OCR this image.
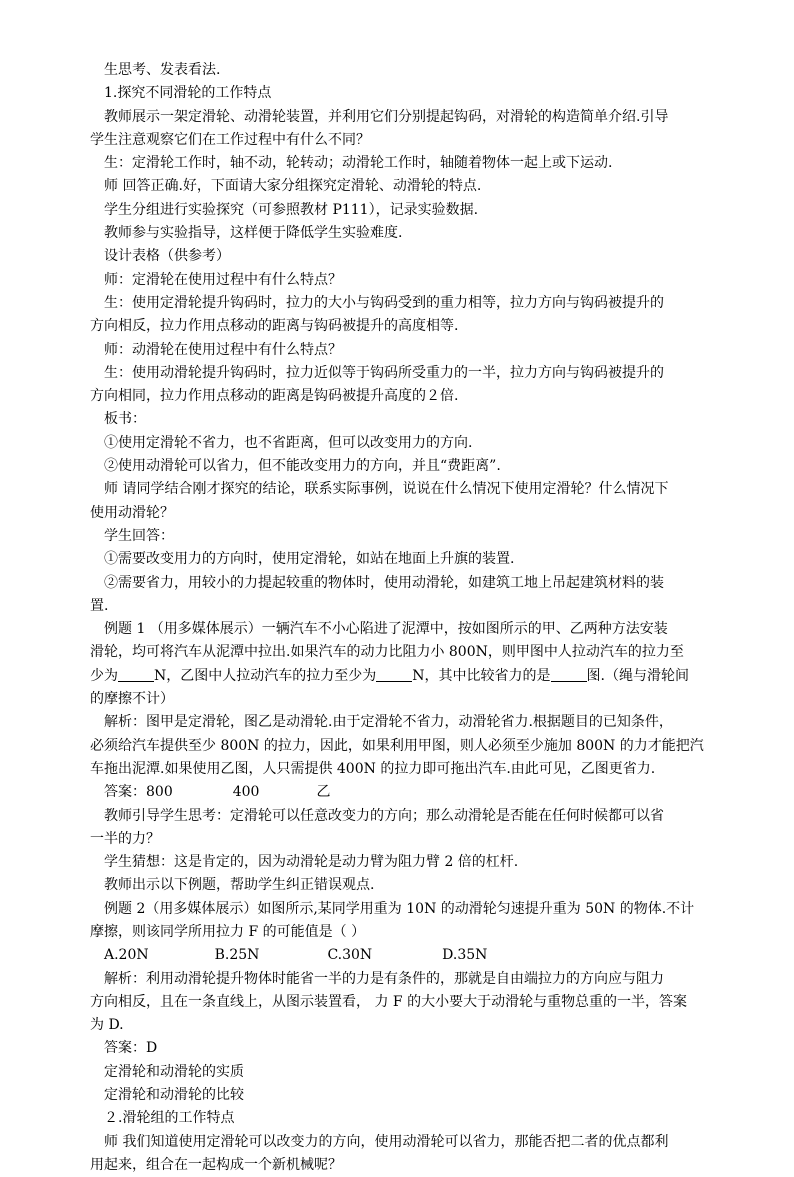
生思考、发表看法.
1.探究不同滑轮的工作特点
教师展示一架定滑轮、动滑轮装置，并利用它们分别提起钩码，对滑轮的构造简单介绍.引导
学生注意观察它们在工作过程中有什么不同？
生：定滑轮工作时，轴不动，轮转动；动滑轮工作时，轴随着物体一起上或下运动.
师 回答正确.好，下面请大家分组探究定滑轮、动滑轮的特点.
学生分组进行实验探究（可参照教材 P111），记录实验数据.
教师参与实验指导，这样便于降低学生实验难度.
设计表格（供参考）
师：定滑轮在使用过程中有什么特点？
生：使用定滑轮提升钩码时，拉力的大小与钩码受到的重力相等，拉力方向与钩码被提升的
方向相反，拉力作用点移动的距离与钩码被提升的高度相等.
师：动滑轮在使用过程中有什么特点？
生：使用动滑轮提升钩码时，拉力近似等于钩码所受重力的一半，拉力方向与钩码被提升的
方向相同，拉力作用点移动的距离是钩码被提升高度的２倍.
板书：
①使用定滑轮不省力，也不省距离，但可以改变用力的方向.
②使用动滑轮可以省力，但不能改变用力的方向，并且“费距离”.
师 请同学结合刚才探究的结论，联系实际事例，说说在什么情况下使用定滑轮？什么情况下
使用动滑轮？
学生回答：
①需要改变用力的方向时，使用定滑轮，如站在地面上升旗的装置.
②需要省力，用较小的力提起较重的物体时，使用动滑轮，如建筑工地上吊起建筑材料的装
置.
例题 1 （用多媒体展示）一辆汽车不小心陷进了泥潭中，按如图所示的甲、乙两种方法安装
滑轮，均可将汽车从泥潭中拉出.如果汽车的动力比阻力小 800N，则甲图中人拉动汽车的拉力至
少为	N，乙图中人拉动汽车的拉力至少为	N，其中比较省力的是	图.（绳与滑轮间
的摩擦不计）
解析：图甲是定滑轮，图乙是动滑轮.由于定滑轮不省力，动滑轮省力.根据题目的已知条件，
必须给汽车提供至少 800N 的拉力，因此，如果利用甲图，则人必须至少施加 800N 的力才能把汽
车拖出泥潭.如果使用乙图，人只需提供 400N 的拉力即可拖出汽车.由此可见，乙图更省力.
答案：800	400	乙
教师引导学生思考：定滑轮可以任意改变力的方向；那么动滑轮是否能在任何时候都可以省
一半的力？
学生猜想：这是肯定的，因为动滑轮是动力臂为阻力臂 2 倍的杠杆.
教师出示以下例题，帮助学生纠正错误观点.
例题 2（用多媒体展示）如图所示,某同学用重为 10N 的动滑轮匀速提升重为 50N 的物体.不计
摩擦，则该同学所用拉力 F 的可能值是（ ）
A.20N	B.25N	C.30N	D.35N
解析：利用动滑轮提升物体时能省一半的力是有条件的，那就是自由端拉力的方向应与阻力
方向相反，且在一条直线上，从图示装置看， 力 F 的大小要大于动滑轮与重物总重的一半，答案
为 D.
答案：D
定滑轮和动滑轮的实质
定滑轮和动滑轮的比较
２.滑轮组的工作特点
师 我们知道使用定滑轮可以改变力的方向，使用动滑轮可以省力，那能否把二者的优点都利
用起来，组合在一起构成一个新机械呢？
